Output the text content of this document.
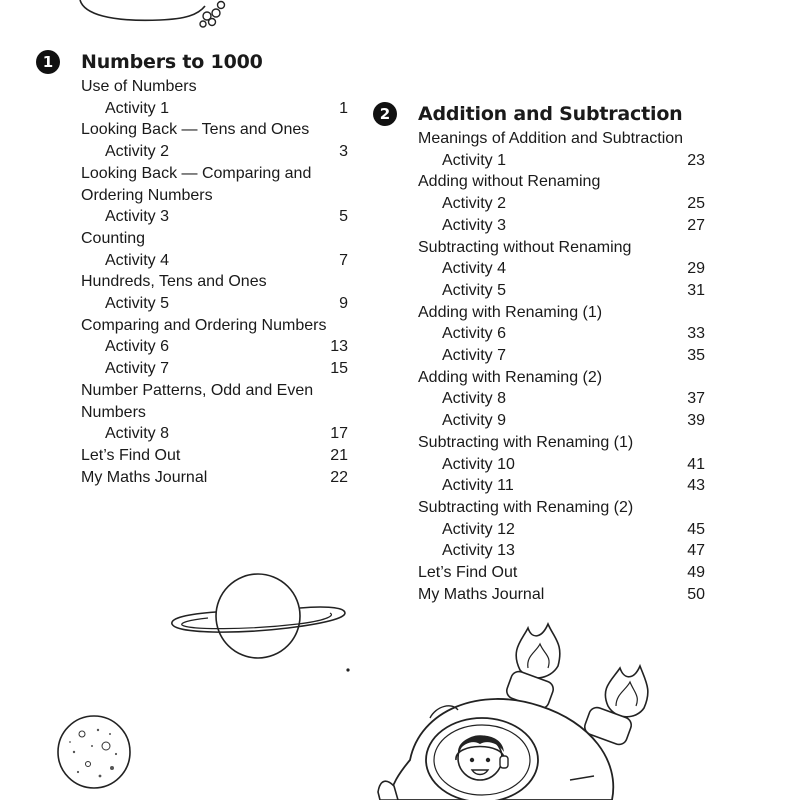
1	Numbers to 1000
Use of Numbers
Activity 1	1
Looking Back — Tens and Ones
Activity 2	3
Looking Back — Comparing and
Ordering Numbers
Activity 3	5
Counting
Activity 4	7
Hundreds, Tens and Ones
Activity 5	9
Comparing and Ordering Numbers
Activity 6	13
Activity 7	15
Number Patterns, Odd and Even
Numbers
Activity 8	17
Let’s Find Out	21
My Maths Journal	22
2	Addition and Subtraction
Meanings of Addition and Subtraction
Activity 1	23
Adding without Renaming
Activity 2	25
Activity 3	27
Subtracting without Renaming
Activity 4	29
Activity 5	31
Adding with Renaming (1)
Activity 6	33
Activity 7	35
Adding with Renaming (2)
Activity 8	37
Activity 9	39
Subtracting with Renaming (1)
Activity 10	41
Activity 11	43
Subtracting with Renaming (2)
Activity 12	45
Activity 13	47
Let’s Find Out	49
My Maths Journal	50
